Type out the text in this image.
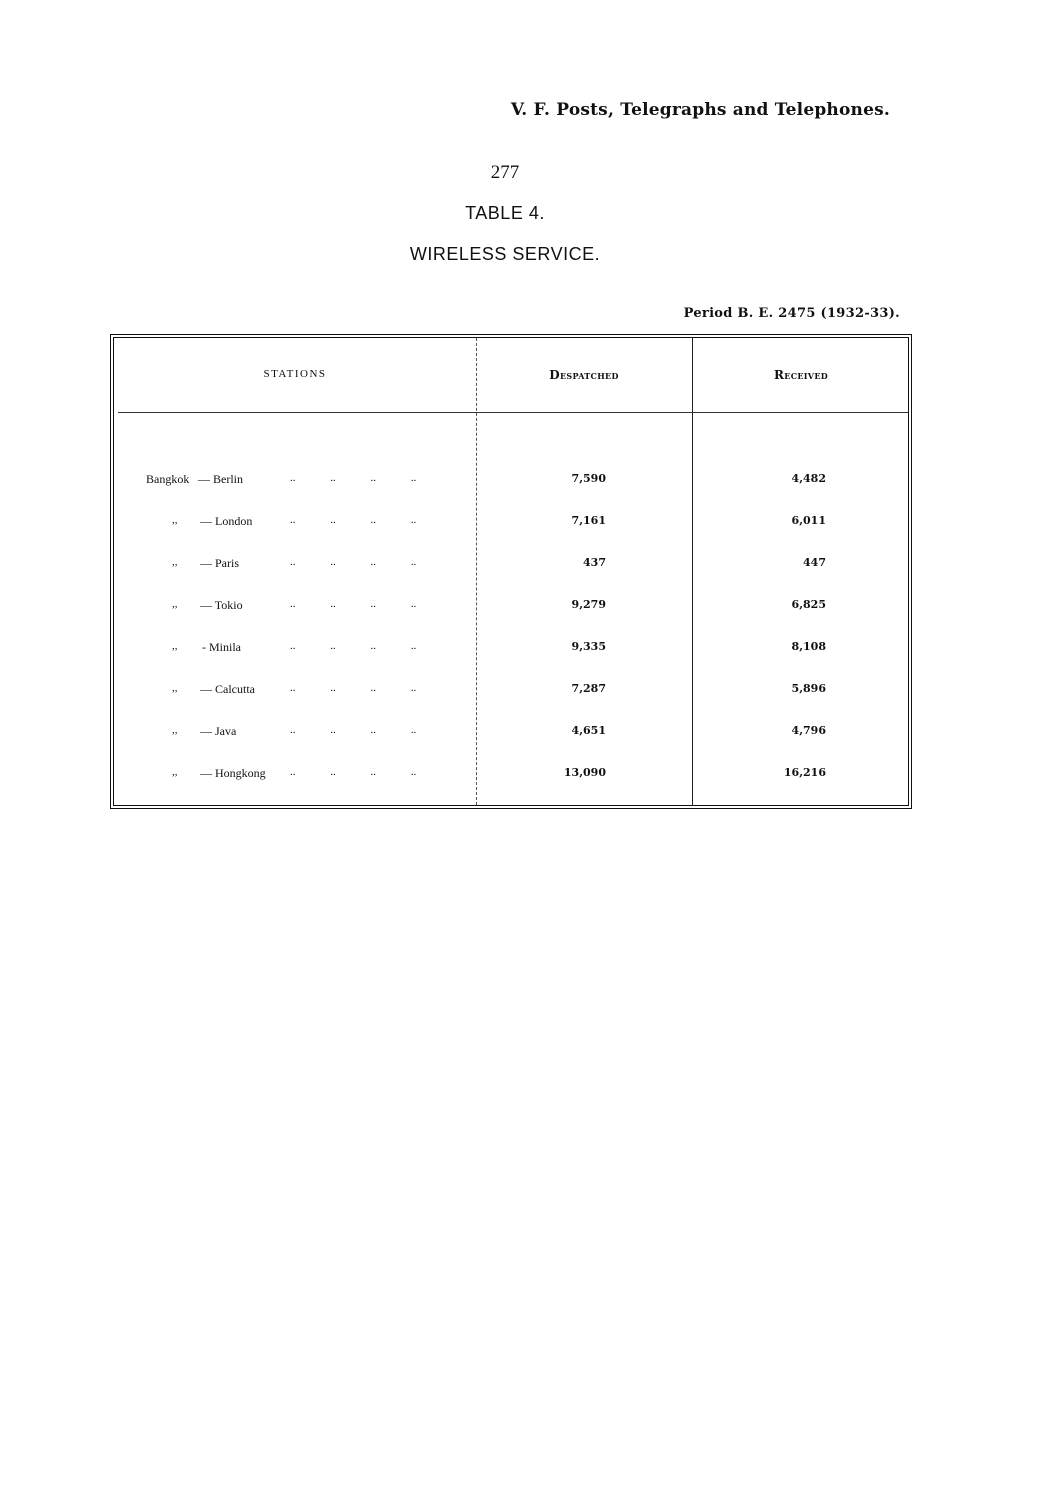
V. F. Posts, Telegraphs and Telephones.
277
TABLE 4.
WIRELESS SERVICE.
Period B. E. 2475 (1932-33).
STATIONS	Despatched	Received
Bangkok — Berlin	.. .. .. ..	7,590	4,482
,,	— London	.. .. .. ..	7,161	6,011
,,	— Paris	.. .. .. ..	437	447
,,	— Tokio	.. .. .. ..	9,279	6,825
,,	- Minila	.. .. .. ..	9,335	8,108
,,	— Calcutta	.. .. .. ..	7,287	5,896
,,	— Java	.. .. .. ..	4,651	4,796
,,	— Hongkong .. .. .. ..	13,090	16,216
